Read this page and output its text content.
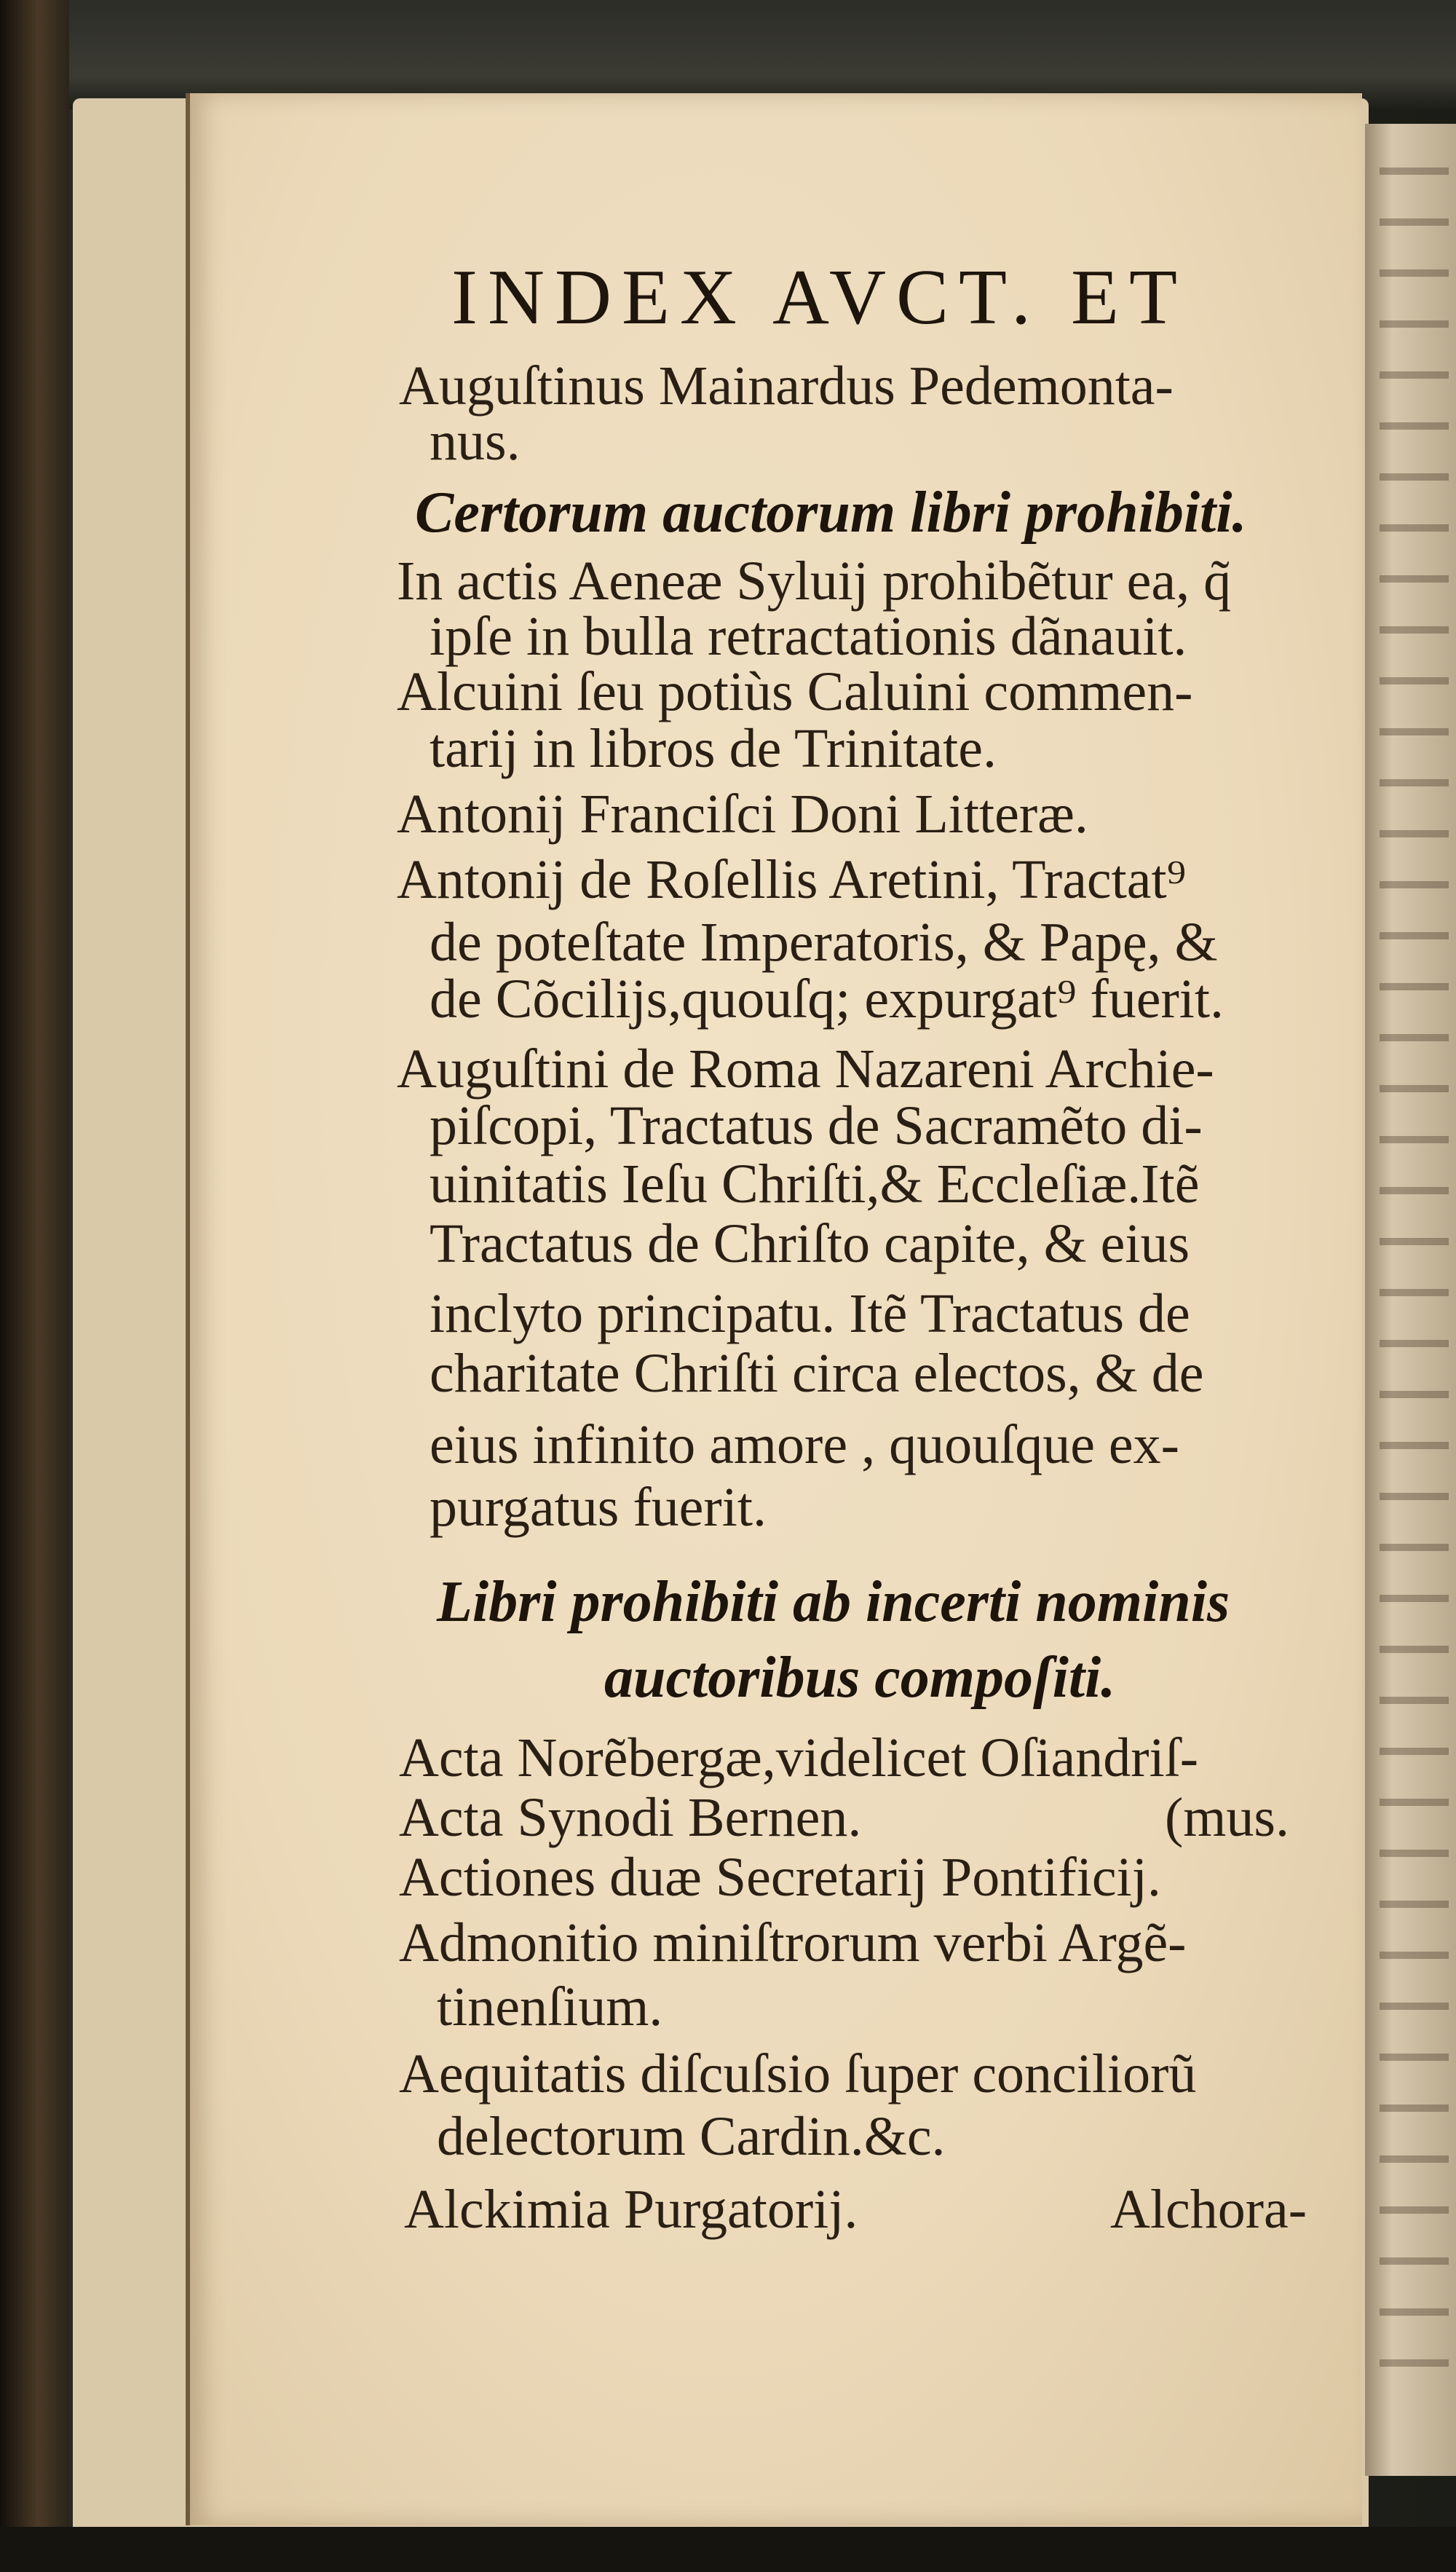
INDEX AVCT. ET
Auguſtinus Mainardus Pedemonta-
nus.
Certorum auctorum libri prohibiti.
In actis Aeneæ Syluij prohibẽtur ea, q̃
ipſe in bulla retractationis dãnauit.
Alcuini ſeu potiùs Caluini commen-
tarij in libros de Trinitate.
Antonij Franciſci Doni Litteræ.
Antonij de Roſellis Aretini, Tractat⁹
de poteſtate Imperatoris, & Papę, &
de Cõcilijs,quouſq; expurgat⁹ fuerit.
Auguſtini de Roma Nazareni Archie-
piſcopi, Tractatus de Sacramẽto di-
uinitatis Ieſu Chriſti,& Eccleſiæ.Itẽ
Tractatus de Chriſto capite, & eius
inclyto principatu. Itẽ Tractatus de
charitate Chriſti circa electos, & de
eius infinito amore , quouſque ex-
purgatus fuerit.
Libri prohibiti ab incerti nominis
auctoribus compoſiti.
Acta Norẽbergæ,videlicet Oſiandriſ-
Acta Synodi Bernen.	(mus.
Actiones duæ Secretarij Pontificij.
Admonitio miniſtrorum verbi Argẽ-
tinenſium.
Aequitatis diſcuſsio ſuper conciliorũ
delectorum Cardin.&c.
Alckimia Purgatorij.	Alchora-
